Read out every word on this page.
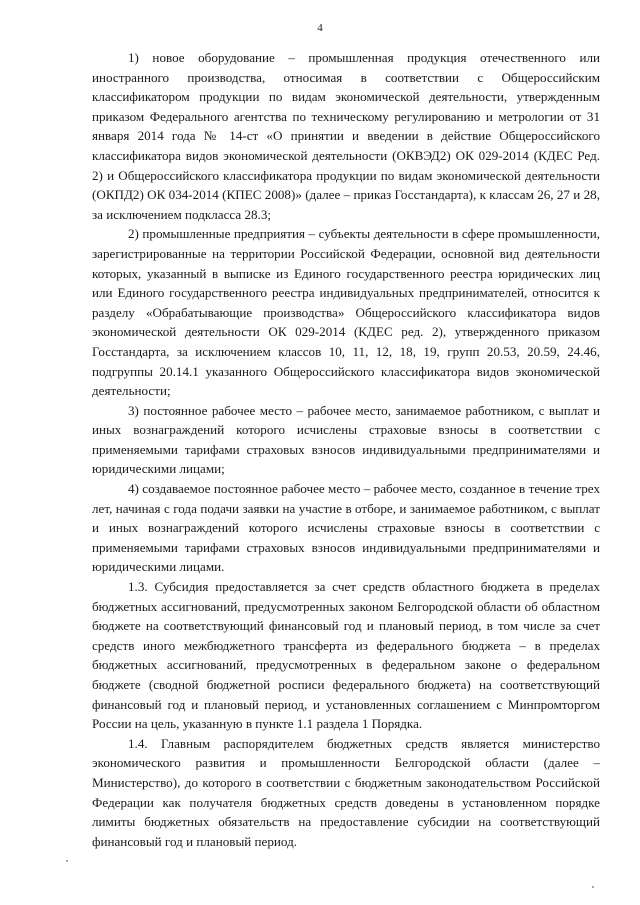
4

1) новое оборудование – промышленная продукция отечественного или иностранного производства, относимая в соответствии с Общероссийским классификатором продукции по видам экономической деятельности, утвержденным приказом Федерального агентства по техническому регулированию и метрологии от 31 января 2014 года № 14-ст «О принятии и введении в действие Общероссийского классификатора видов экономической деятельности (ОКВЭД2) ОК 029-2014 (КДЕС Ред. 2) и Общероссийского классификатора продукции по видам экономической деятельности (ОКПД2) ОК 034-2014 (КПЕС 2008)» (далее – приказ Госстандарта), к классам 26, 27 и 28, за исключением подкласса 28.3;

2) промышленные предприятия – субъекты деятельности в сфере промышленности, зарегистрированные на территории Российской Федерации, основной вид деятельности которых, указанный в выписке из Единого государственного реестра юридических лиц или Единого государственного реестра индивидуальных предпринимателей, относится к разделу «Обрабатывающие производства» Общероссийского классификатора видов экономической деятельности ОК 029-2014 (КДЕС ред. 2), утвержденного приказом Госстандарта, за исключением классов 10, 11, 12, 18, 19, групп 20.53, 20.59, 24.46, подгруппы 20.14.1 указанного Общероссийского классификатора видов экономической деятельности;

3) постоянное рабочее место – рабочее место, занимаемое работником, с выплат и иных вознаграждений которого исчислены страховые взносы в соответствии с применяемыми тарифами страховых взносов индивидуальными предпринимателями и юридическими лицами;

4) создаваемое постоянное рабочее место – рабочее место, созданное в течение трех лет, начиная с года подачи заявки на участие в отборе, и занимаемое работником, с выплат и иных вознаграждений которого исчислены страховые взносы в соответствии с применяемыми тарифами страховых взносов индивидуальными предпринимателями и юридическими лицами.

1.3. Субсидия предоставляется за счет средств областного бюджета в пределах бюджетных ассигнований, предусмотренных законом Белгородской области об областном бюджете на соответствующий финансовый год и плановый период, в том числе за счет средств иного межбюджетного трансферта из федерального бюджета – в пределах бюджетных ассигнований, предусмотренных в федеральном законе о федеральном бюджете (сводной бюджетной росписи федерального бюджета) на соответствующий финансовый год и плановый период, и установленных соглашением с Минпромторгом России на цель, указанную в пункте 1.1 раздела 1 Порядка.

1.4. Главным распорядителем бюджетных средств является министерство экономического развития и промышленности Белгородской области (далее – Министерство), до которого в соответствии с бюджетным законодательством Российской Федерации как получателя бюджетных средств доведены в установленном порядке лимиты бюджетных обязательств на предоставление субсидии на соответствующий финансовый год и плановый период.
